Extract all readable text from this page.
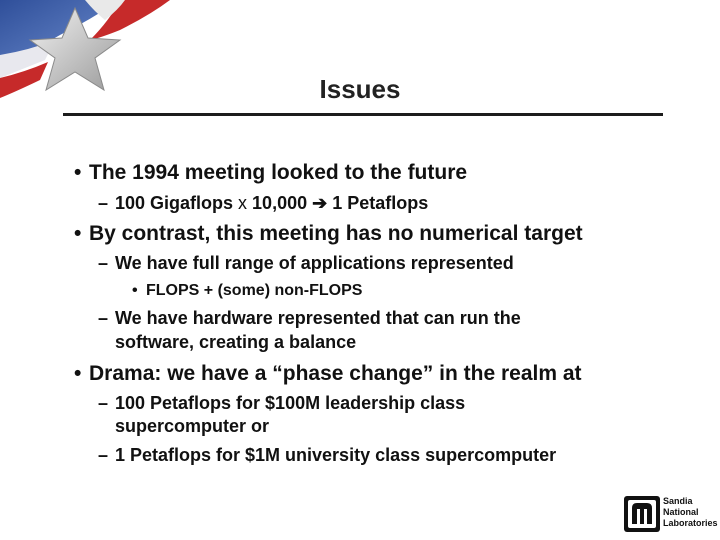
Issues
• The 1994 meeting looked to the future
– 100 Gigaflops x 10,000 ➔ 1 Petaflops
• By contrast, this meeting has no numerical target
– We have full range of applications represented
• FLOPS + (some) non-FLOPS
– We have hardware represented that can run the
software, creating a balance
• Drama: we have a “phase change” in the realm at
– 100 Petaflops for $100M leadership class
supercomputer or
– 1 Petaflops for $1M university class supercomputer
Sandia
National
Laboratories
